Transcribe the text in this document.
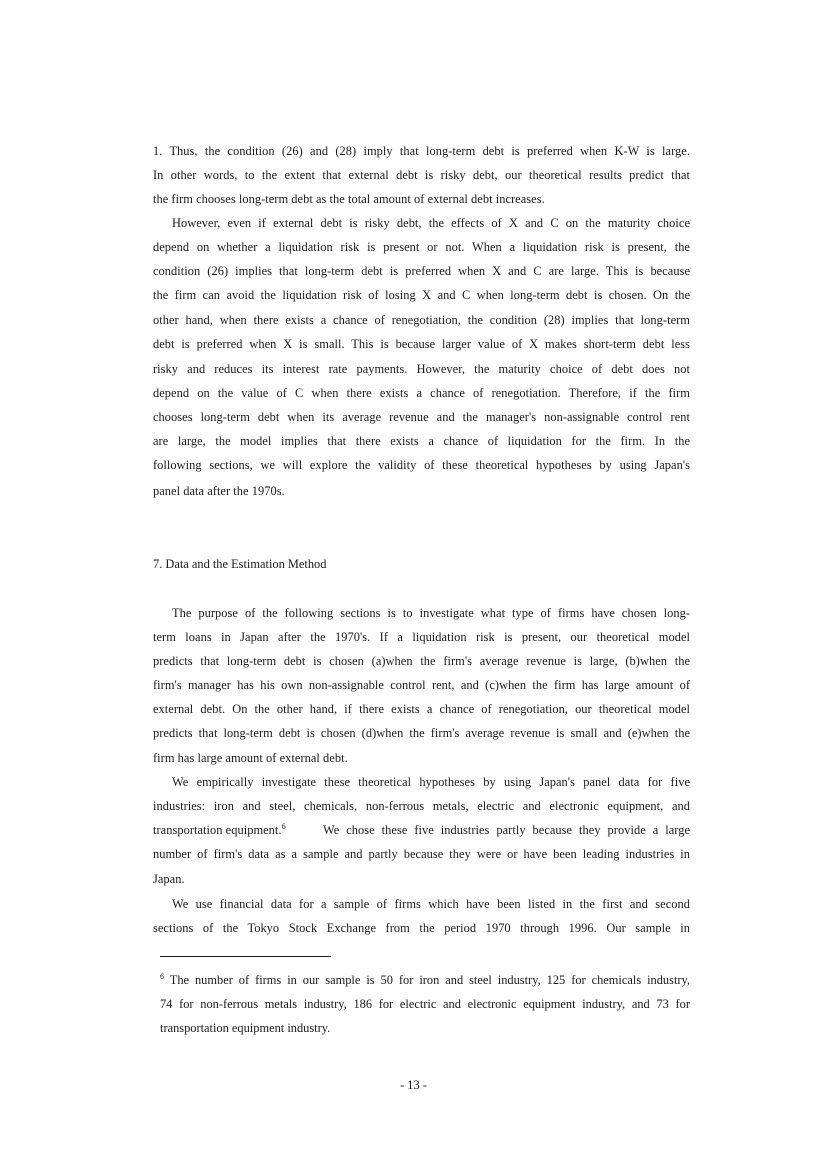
1. Thus, the condition (26) and (28) imply that long-term debt is preferred when K-W is large.
In other words, to the extent that external debt is risky debt, our theoretical results predict that
the firm chooses long-term debt as the total amount of external debt increases.
However, even if external debt is risky debt, the effects of X and C on the maturity choice
depend on whether a liquidation risk is present or not. When a liquidation risk is present, the
condition (26) implies that long-term debt is preferred when X and C are large. This is because
the firm can avoid the liquidation risk of losing X and C when long-term debt is chosen. On the
other hand, when there exists a chance of renegotiation, the condition (28) implies that long-term
debt is preferred when X is small. This is because larger value of X makes short-term debt less
risky and reduces its interest rate payments. However, the maturity choice of debt does not
depend on the value of C when there exists a chance of renegotiation. Therefore, if the firm
chooses long-term debt when its average revenue and the manager's non-assignable control rent
are large, the model implies that there exists a chance of liquidation for the firm. In the
following sections, we will explore the validity of these theoretical hypotheses by using Japan's
panel data after the 1970s.
7. Data and the Estimation Method
The purpose of the following sections is to investigate what type of firms have chosen long-
term loans in Japan after the 1970's. If a liquidation risk is present, our theoretical model
predicts that long-term debt is chosen (a)when the firm's average revenue is large, (b)when the
firm's manager has his own non-assignable control rent, and (c)when the firm has large amount of
external debt. On the other hand, if there exists a chance of renegotiation, our theoretical model
predicts that long-term debt is chosen (d)when the firm's average revenue is small and (e)when the
firm has large amount of external debt.
We empirically investigate these theoretical hypotheses by using Japan's panel data for five
industries: iron and steel, chemicals, non-ferrous metals, electric and electronic equipment, and
transportation equipment.$^6$	We chose these five industries partly because they provide a large
number of firm's data as a sample and partly because they were or have been leading industries in
Japan.
We use financial data for a sample of firms which have been listed in the first and second
sections of the Tokyo Stock Exchange from the period 1970 through 1996. Our sample in
$^6$ The number of firms in our sample is 50 for iron and steel industry, 125 for chemicals industry,
74 for non-ferrous metals industry, 186 for electric and electronic equipment industry, and 73 for
transportation equipment industry.
- 13 -
